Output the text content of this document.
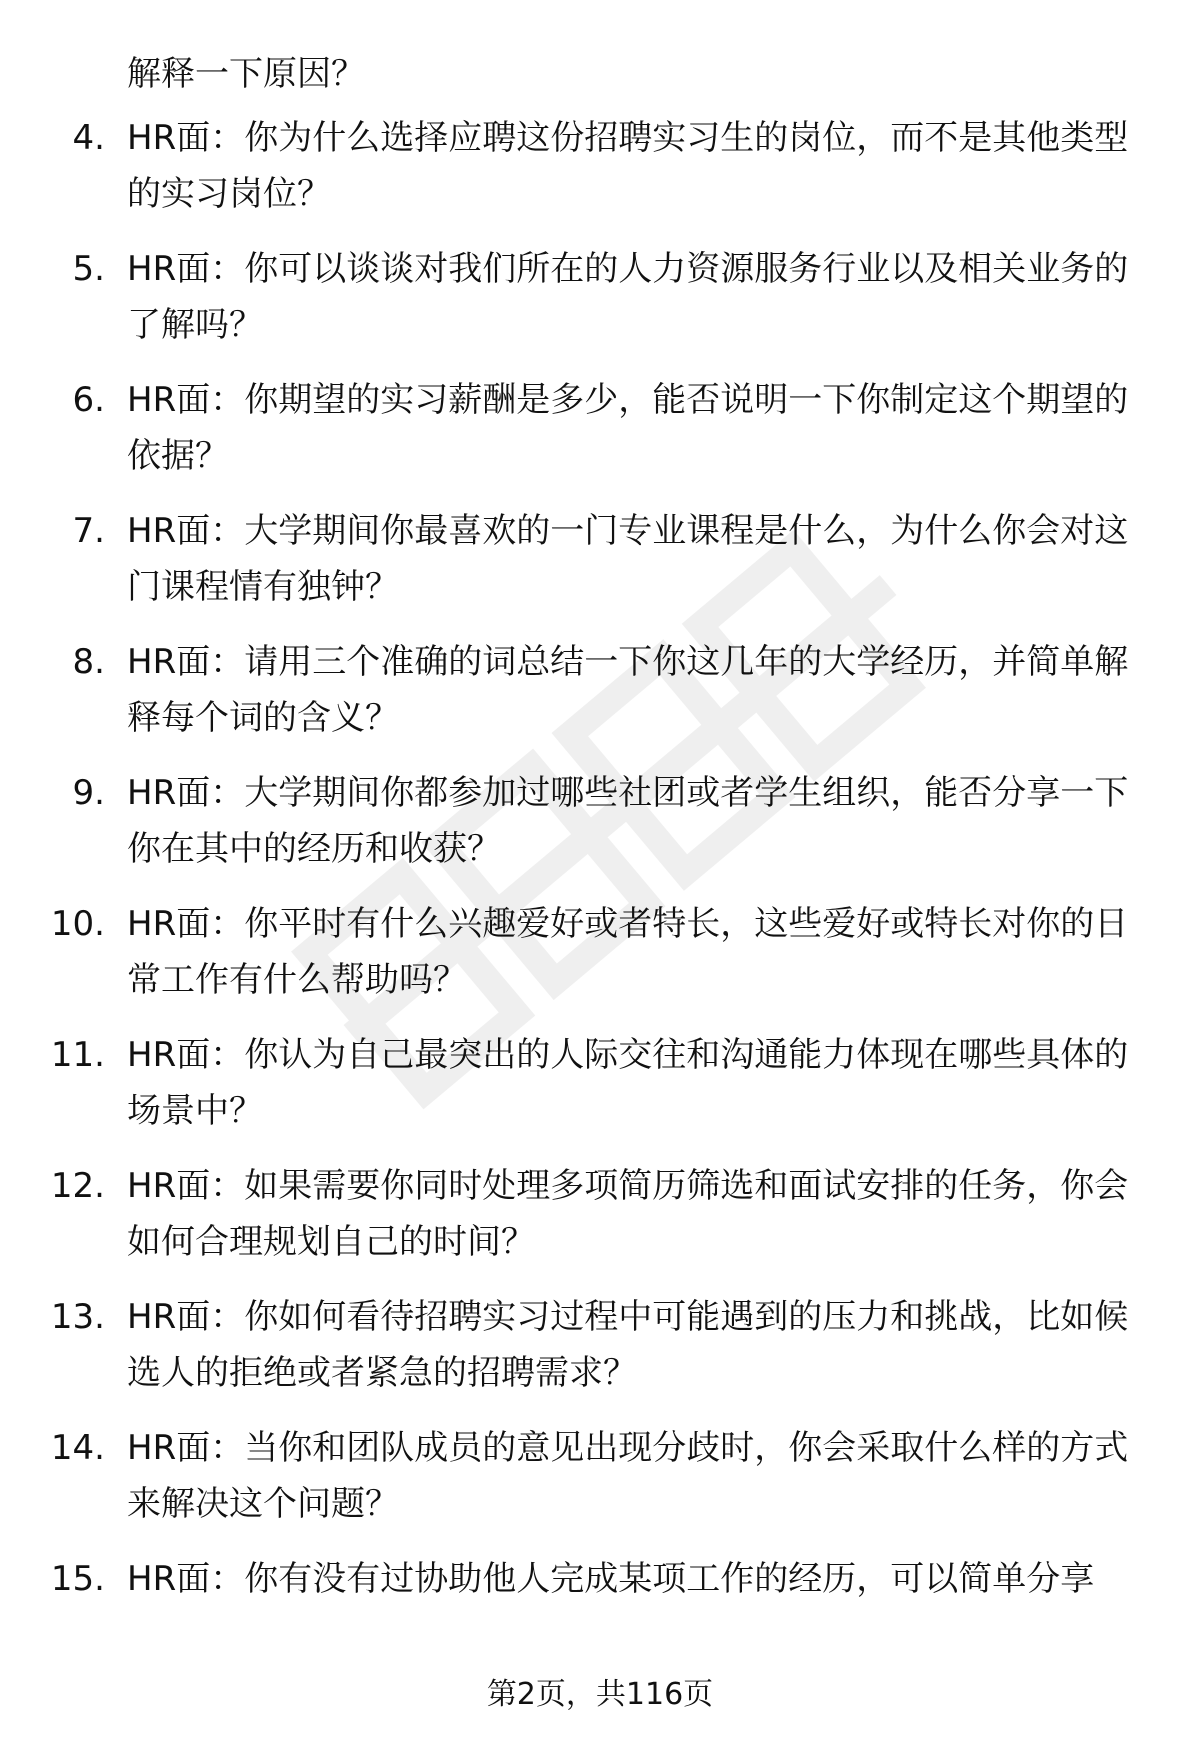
解释一下原因？
4. HR面：你为什么选择应聘这份招聘实习生的岗位，而不是其他类型的实习岗位？
5. HR面：你可以谈谈对我们所在的人力资源服务行业以及相关业务的了解吗？
6. HR面：你期望的实习薪酬是多少，能否说明一下你制定这个期望的依据？
7. HR面：大学期间你最喜欢的一门专业课程是什么，为什么你会对这门课程情有独钟？
8. HR面：请用三个准确的词总结一下你这几年的大学经历，并简单解释每个词的含义？
9. HR面：大学期间你都参加过哪些社团或者学生组织，能否分享一下你在其中的经历和收获？
10. HR面：你平时有什么兴趣爱好或者特长，这些爱好或特长对你的日常工作有什么帮助吗？
11. HR面：你认为自己最突出的人际交往和沟通能力体现在哪些具体的场景中？
12. HR面：如果需要你同时处理多项简历筛选和面试安排的任务，你会如何合理规划自己的时间？
13. HR面：你如何看待招聘实习过程中可能遇到的压力和挑战，比如候选人的拒绝或者紧急的招聘需求？
14. HR面：当你和团队成员的意见出现分歧时，你会采取什么样的方式来解决这个问题？
15. HR面：你有没有过协助他人完成某项工作的经历，可以简单分享
第2页，共116页
